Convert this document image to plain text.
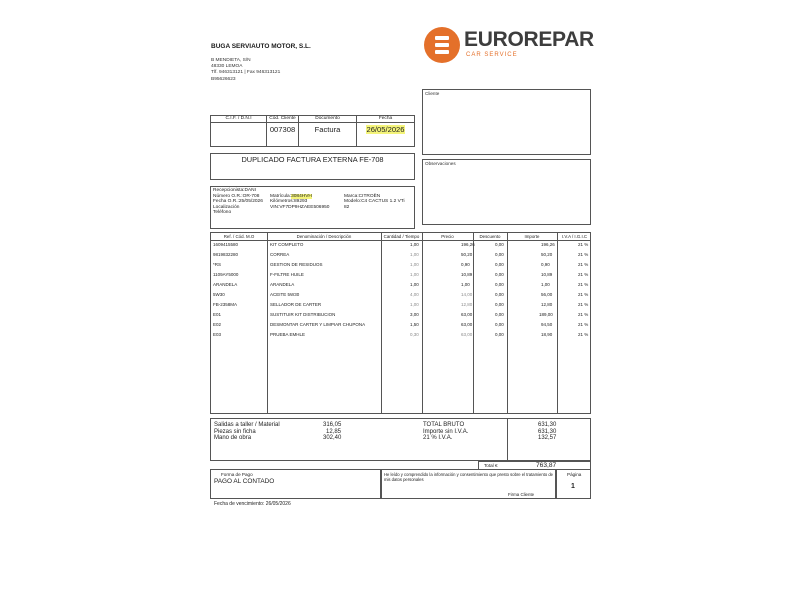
BUGA SERVIAUTO MOTOR, S.L.
B MENDIETA, S/N
48330 LEMOA
Tlf. 946313121 | Fax 946313121
B95626623
EUROREPAR
CAR SERVICE
Cliente
Observaciones
C.I.F. / D.N.I	Cód. Cliente	Documento	Fecha
	007308	Factura	26/05/2026
DUPLICADO FACTURA EXTERNA FE-708
Recepcionista:DANI
Número O.R.:OR-708
Fecha O.R.:25/05/2026
Localización
Teléfono
Matrícula:3084HVH
Kilómetros:89293
VIN:VF7DP9HZAEE506950
Marca:CITROËN
Modelo:C4 CACTUS 1.2 VTi
82
Ref. / Cód. M.O	Denominación / Descripción	Cantidad / Tiempo	Precio	Descuento	Importe	I.V.A / I.G.I.C
1609415580	KIT COMPLETO	1,00	196,26	0,00	196,26	21 %
9819832280	CORREA	1,00	50,20	0,00	50,20	21 %
*RS	GESTION DE RESIDUOS	1,00	0,90	0,00	0,90	21 %
1109AY5000	F-FILTRE HUILE	1,00	10,89	0,00	10,89	21 %
ARANDELA	ARANDELA	1,00	1,00	0,00	1,00	21 %
5W30	ACEITE 5W30	4,00	14,00	0,00	56,00	21 %
FB-2358MA	SELLADOR DE CARTER	1,00	12,80	0,00	12,80	21 %
E01	SUSTITUIR KIT DISTRIBUCION	3,00	63,00	0,00	189,00	21 %
E02	DESMONTAR CARTER Y LIMPIAR CHUPONA	1,50	63,00	0,00	94,50	21 %
E03	PRUEBA EMHLE	0,30	63,00	0,00	18,90	21 %
Salidas a taller / Material	316,05
Piezas sin ficha	12,85
Mano de obra	302,40
TOTAL BRUTO	631,30
Importe sin I.V.A.	631,30
21 % I.V.A.	132,57
Total €	763,87
Forma de Pago
PAGO AL CONTADO
He leído y comprendido la información y consentimiento que presto sobre el tratamiento de mis datos personales
Firma Cliente
Página
1
Fecha de vencimiento: 26/05/2026
